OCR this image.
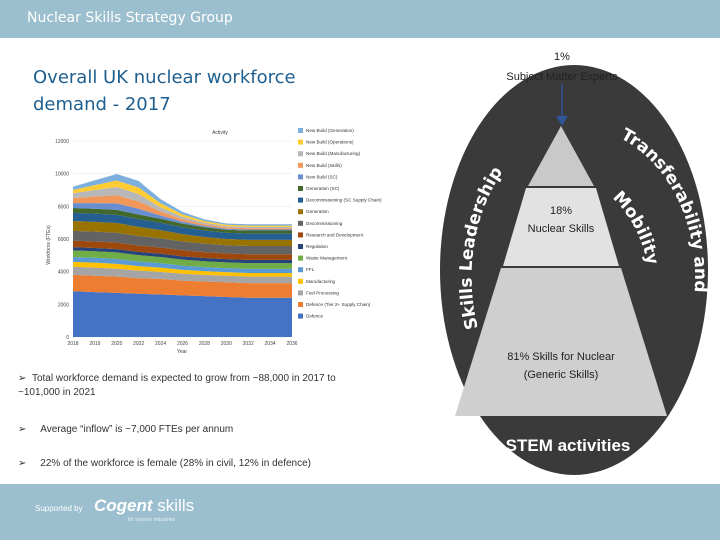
Nuclear Skills Strategy Group
Overall UK nuclear workforce demand - 2017
Activity
Workforce (FTEs)
Year
0
2000
4000
6000
8000
10000
12000
2018 2019 2020 2022 2024 2026 2028 2030 2032 2034 2036
New Build (Generation)
New Build (Operations)
New Build (Manufacturing)
New Build (Skills)
New Build (SC)
Generation (SC)
Decommissioning (SC Supply Chain)
Generation
Decommissioning
Research and Development
Regulation
Waste Management
FFL
Manufacturing
Fuel Processing
Defence (Tier 2+ Supply Chain)
Defence
➢ Total workforce demand is expected to grow from ~88,000 in 2017 to ~101,000 in 2021
➢ Average “inflow” is ~7,000 FTEs per annum
➢ 22% of the workforce is female (28% in civil, 12% in defence)
Supported by Cogent skills
for science industries
1%
Subject Matter Experts
18%
Nuclear Skills
81% Skills for Nuclear
(Generic Skills)
Skills Leadership
Transferability and
Mobility
STEM activities
